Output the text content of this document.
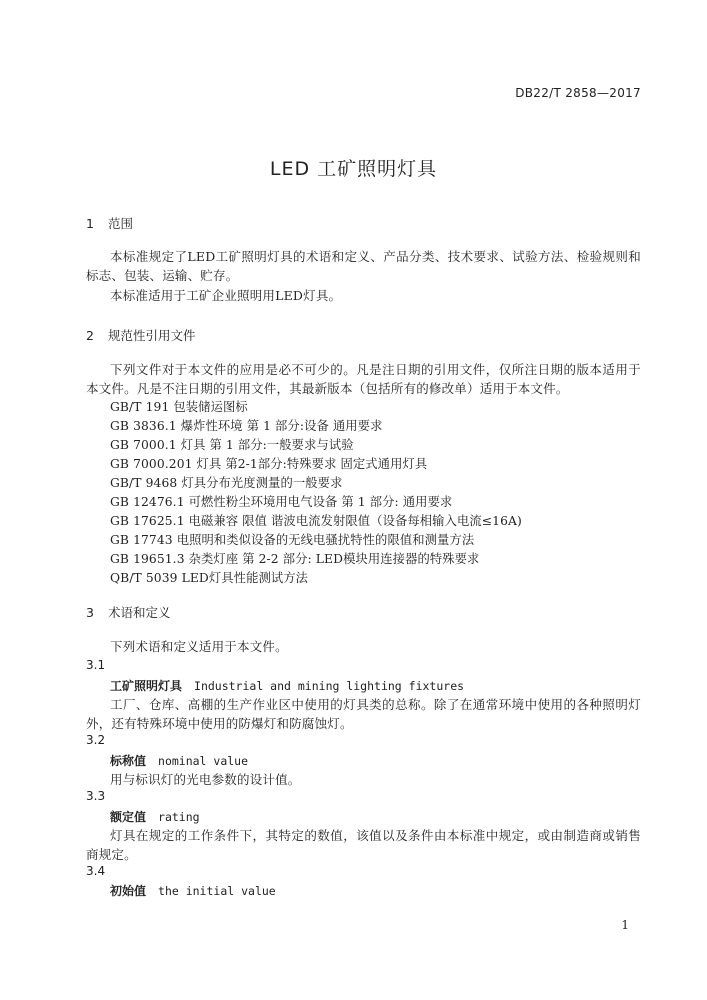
DB22/T 2858—2017
LED 工矿照明灯具
1 范围
本标准规定了LED工矿照明灯具的术语和定义、产品分类、技术要求、试验方法、检验规则和标志、包装、运输、贮存。
本标准适用于工矿企业照明用LED灯具。
2 规范性引用文件
下列文件对于本文件的应用是必不可少的。凡是注日期的引用文件，仅所注日期的版本适用于本文件。凡是不注日期的引用文件，其最新版本（包括所有的修改单）适用于本文件。
GB/T 191 包装储运图标
GB 3836.1 爆炸性环境 第 1 部分:设备 通用要求
GB 7000.1 灯具 第 1 部分:一般要求与试验
GB 7000.201 灯具 第2-1部分:特殊要求 固定式通用灯具
GB/T 9468 灯具分布光度测量的一般要求
GB 12476.1 可燃性粉尘环境用电气设备 第 1 部分: 通用要求
GB 17625.1 电磁兼容 限值 谐波电流发射限值（设备每相输入电流≤16A)
GB 17743 电照明和类似设备的无线电骚扰特性的限值和测量方法
GB 19651.3 杂类灯座 第 2-2 部分: LED模块用连接器的特殊要求
QB/T 5039 LED灯具性能测试方法
3 术语和定义
下列术语和定义适用于本文件。
3.1
工矿照明灯具 Industrial and mining lighting fixtures
工厂、仓库、高棚的生产作业区中使用的灯具类的总称。除了在通常环境中使用的各种照明灯外，还有特殊环境中使用的防爆灯和防腐蚀灯。
3.2
标称值 nominal value
用与标识灯的光电参数的设计值。
3.3
额定值 rating
灯具在规定的工作条件下，其特定的数值，该值以及条件由本标准中规定，或由制造商或销售商规定。
3.4
初始值 the initial value
1
